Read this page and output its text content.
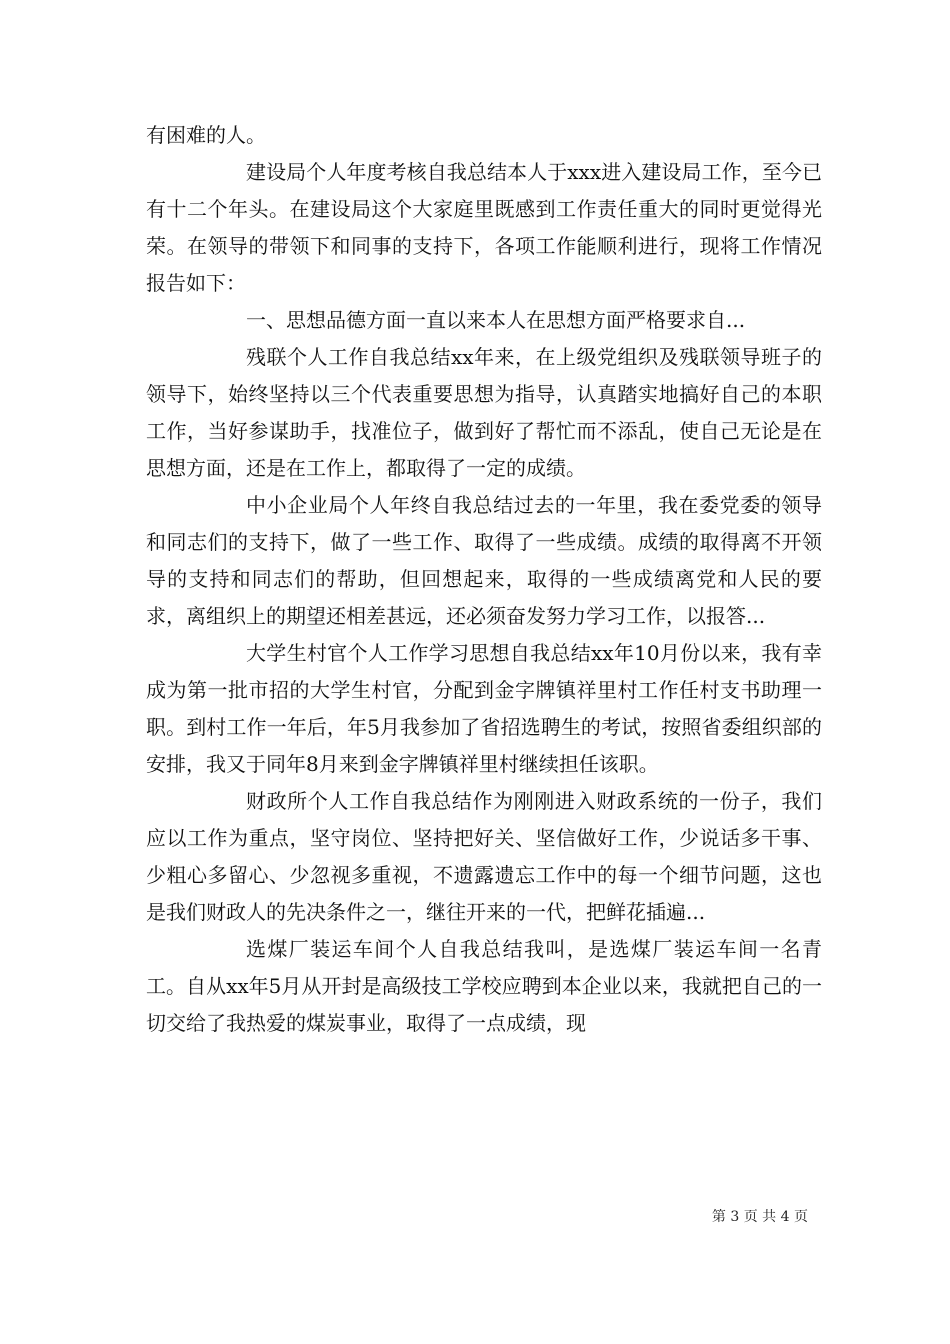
有困难的人。

建设局个人年度考核自我总结本人于xxx进入建设局工作，至今已有十二个年头。在建设局这个大家庭里既感到工作责任重大的同时更觉得光荣。在领导的带领下和同事的支持下，各项工作能顺利进行，现将工作情况报告如下：

一、思想品德方面一直以来本人在思想方面严格要求自...

残联个人工作自我总结xx年来，在上级党组织及残联领导班子的领导下，始终坚持以三个代表重要思想为指导，认真踏实地搞好自己的本职工作，当好参谋助手，找准位子，做到好了帮忙而不添乱，使自己无论是在思想方面，还是在工作上，都取得了一定的成绩。

中小企业局个人年终自我总结过去的一年里，我在委党委的领导和同志们的支持下，做了一些工作、取得了一些成绩。成绩的取得离不开领导的支持和同志们的帮助，但回想起来，取得的一些成绩离党和人民的要求，离组织上的期望还相差甚远，还必须奋发努力学习工作，以报答...

大学生村官个人工作学习思想自我总结xx年10月份以来，我有幸成为第一批市招的大学生村官，分配到金字牌镇祥里村工作任村支书助理一职。到村工作一年后，年5月我参加了省招选聘生的考试，按照省委组织部的安排，我又于同年8月来到金字牌镇祥里村继续担任该职。

财政所个人工作自我总结作为刚刚进入财政系统的一份子，我们应以工作为重点，坚守岗位、坚持把好关、坚信做好工作，少说话多干事、少粗心多留心、少忽视多重视，不遗露遗忘工作中的每一个细节问题，这也是我们财政人的先决条件之一，继往开来的一代，把鲜花插遍...

选煤厂装运车间个人自我总结我叫，是选煤厂装运车间一名青工。自从xx年5月从开封是高级技工学校应聘到本企业以来，我就把自己的一切交给了我热爱的煤炭事业，取得了一点成绩，现

第 3 页 共 4 页
